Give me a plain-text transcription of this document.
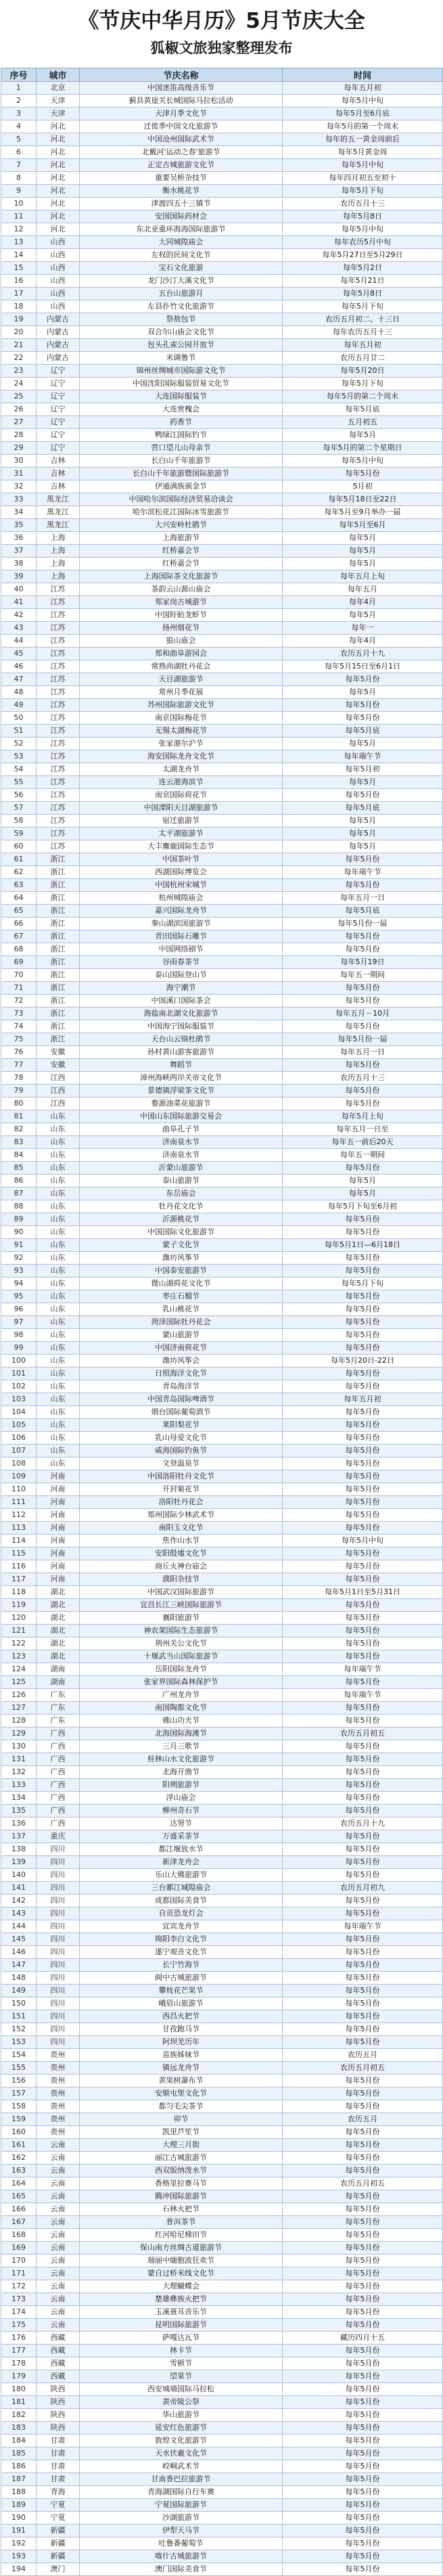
《节庆中华月历》5月节庆大全
狐椒文旅独家整理发布
序号	城市	节庆名称	时间
1	北京	中国迷笛高级音乐节	每年五月初
2	天津	蓟县黄崖关长城国际马拉松活动	每年5月中旬
3	天津	天津月季文化节	每年5月至6月底
4	河北	迁徙季中国文化旅游节	每年5月的第一个周末
5	河北	中国沧州国际武术节	每年的五一黄金周前后
6	河北	北戴河'运动之春'旅游节	每年5月黄金周
7	河北	正定古城旅游文化节	每年5月中旬
8	河北	重要吴桥杂技节	每年四月初五至初十
9	河北	衡水桃花节	每年5月下旬
10	河北	津渡四五十三镇节	农历五月十三
11	河北	安国国际药材会	每年5月8日
12	河北	东北亚重环海海国际旅游节	每年5月中旬
13	山西	大同城隍庙会	每年农历5月中旬
14	山西	左权的民间文化节	每年5月27日至5月29日
15	山西	宝石文化旅游	每年5月2日
16	山西	龙门沙汀大溪文化节	每年5月21日
17	山西	五台山旅游月	每年5月8日
18	山西	左县扑竹文化旅游节	每年5月下旬
19	内蒙古	祭敖包节	农历五月初二、十三日
20	内蒙古	双合尔山庙会文化节	每年农历五月十三
21	内蒙古	包头孔雀公园开放节	每年五月初
22	内蒙古	米调鲁节	农历五月廿二
23	辽宁	锦州丝绸城市国际游文化节	每年5月20日
24	辽宁	中国沈阳国际服装贸易文化节	每年5月下旬
25	辽宁	大连国际服装节	每年5月的第二个周末
26	辽宁	大连赏槐会	每年5月底
27	辽宁	药香节	五月初五
28	辽宁	鸭绿江国际钓节	每年5月
29	辽宁	营口望儿山母亲节	每年5月的第二个星期日
30	吉林	长白山千年旅游节	每年5月中旬
31	吉林	长白山千年旅游暨国际旅游节	每年5月份
32	吉林	伊通满族颁金节	5月初
33	黑龙江	中国哈尔滨国际经济贸易洽谈会	每年5月18日至22日
34	黑龙江	哈尔滨松花江国际冰雪旅游节	每年5月至9月举办一届
35	黑龙江	大兴安岭杜鹃节	每年5月至6月
36	上海	上海旅游节	每年5月
37	上海	红桥嘉会节	每年5月
38	上海	红桥嘉会节	每年5月
39	上海	上海国际茶文化旅游节	每年五月上旬
40	江苏	茶韵云山源山庙会	每年五月
41	江苏	郑家岗古城游节	每年4月
42	江苏	中国盱眙龙虾节	每年5月
43	江苏	扬州烟花节	每年一
44	江苏	狼山庙会	每年4月
45	江苏	郑和曲阜游园会	农历五月十九
46	江苏	常熟尚湖牡丹花会	每年5月15日至6月1日
47	江苏	天目湖旅游节	每年5月份
48	江苏	常州月季花展	每年5月
49	江苏	苏州国际旅游文化节	每年5月份
50	江苏	南京国际梅花节	每年5月份
51	江苏	无锡太湖梅花节	每年5月底
52	江苏	张家港尔沪节	每年5月
53	江苏	海安国际龙舟文化节	每年端午节
54	江苏	太湖龙舟节	每年5月初
55	江苏	连云港海滨节	每年5月
56	江苏	南京国际荷花节	每年5月份
57	江苏	中国溧阳天目湖旅游节	每年5月底
58	江苏	宿迁旅游节	每年5月
59	江苏	太平湖旅游节	每年5月
60	江苏	大丰麋鹿国际生态节	每年5月
61	浙江	中国茶叶节	每年5月份
62	浙江	西湖国际博览会	每年端午节
63	浙江	中国杭州宋城节	每年5月份
64	浙江	杭州城隍庙会	每年五月一日
65	浙江	嘉兴国际龙舟节	每年5月底
66	浙江	秦山湖滨国旅游节	每年5月份一届
67	浙江	青田国际石雕节	每年5月份
68	浙江	中国网络剧节	每年5月份
69	浙江	谷雨春茶节	每年5月19日
70	浙江	泰山国际登山节	每年五一期间
71	浙江	海宁潮节	每年5月份
72	浙江	中国溪口国际茶会	每年5月份
73	浙江	海盐南北湖文化旅游节	每年五月－10月
74	浙江	中国海宁国际服装节	每年5月份
75	浙江	天台山云锦杜鹃节	每年5月份一届
76	安徽	孙村黄山游客旅游节	每年五月一日
77	安徽	舞蹈节	每年5月份
78	江西	漳州海峡两岸关帝文化节	农历五月十三
79	江西	景德镇浮梁茶文化节	每年5月份
80	江西	婺源油菜花旅游节	每年5月份
81	山东	中国山东国际旅游交易会	每年5月上旬
82	山东	曲阜孔子节	每年五月一日至
83	山东	济南泉水节	每年五一前后20天
84	山东	济南泉水节	每年五一期间
85	山东	沂蒙山旅游节	每年5月份
86	山东	泰山旅游节	每年5月
87	山东	东岳庙会	每年5月
88	山东	牡丹花文化节	每年5月下旬至6月初
89	山东	沂源桃花节	每年5月份
90	山东	中国国际文化旅游节	每年5月份
91	山东	蒙子文化节	每年5月1日—6月18日
92	山东	潍坊风筝节	每年5月份
93	山东	中国泰安旅游节	每年5月份
94	山东	微山湖荷花文化节	每年5月下旬
95	山东	枣庄石榴节	每年5月份
96	山东	乳山桃花节	每年5月份
97	山东	菏泽国际牡丹花会	每年5月份
98	山东	蒙山旅游节	每年5月份
99	山东	中国济南荷花节	每年5月份
100	山东	潍坊风筝会	每年5月20日-22日
101	山东	日照海洋文化节	每年5月份
102	山东	青岛海洋节	每年5月份
103	山东	中国青岛国际啤酒节	每年五月初
104	山东	烟台国际葡萄酒节	每年5月份
105	山东	莱阳梨花节	每年5月份
106	山东	乳山母爱文化节	每年5月份
107	山东	威海国际钓鱼节	每年5月份
108	山东	文登温泉节	每年5月份
109	河南	中国洛阳牡丹文化节	每年5月份
110	河南	开封菊花节	每年5月份
111	河南	洛阳牡丹花会	每年5月份
112	河南	郑州国际少林武术节	每年5月份
113	河南	南阳玉文化节	每年5月份
114	河南	焦作山水节	每年5月中旬
115	河南	安阳殷墟文化节	每年5月份
116	河南	商丘火神台庙会	每年5月份
117	河南	濮阳杂技节	每年5月份
118	湖北	中国武汉国际旅游节	每年5月1日至5月31日
119	湖北	宜昌长江三峡国际旅游节	每年5月份
120	湖北	襄阳旅游节	每年5月份
121	湖北	神农架国际生态旅游节	每年5月份
122	湖北	荆州关公文化节	每年5月份
123	湖北	十堰武当山国际旅游节	每年5月份
124	湖南	岳阳国际龙舟节	每年端午节
125	湖南	张家界国际森林保护节	每年5月份
126	广东	广州龙舟节	每年端午节
127	广东	南国陶都文化节	每年5月份
128	广东	佛山功夫节	每年5月份
129	广西	北海国际海滩节	农历五月初五
130	广西	三月三歌节	每年5月份
131	广西	桂林山水文化旅游节	每年5月份
132	广西	北海开渔节	每年5月份
133	广西	阳朔旅游节	每年5月份
134	广西	浮山庙会	每年5月份
135	广西	柳州奇石节	每年5月份
136	广西	达努节	农历五月十九
137	重庆	万盛采茶节	每年5月份
138	四川	都江堰放水节	每年5月份
139	四川	新津龙舟会	每年5月份
140	四川	乐山大佛旅游节	每年5月份
141	四川	三台郪江城隍庙会	农历五月初九
142	四川	成都国际美食节	每年5月份
143	四川	自贡恐龙灯会	每年5月份
144	四川	宜宾龙舟节	每年端午节
145	四川	绵阳李白文化节	每年5月份
146	四川	遂宁观音文化节	每年5月份
147	四川	长宁竹海节	每年5月份
148	四川	阆中古城旅游节	每年5月份
149	四川	攀枝花芒果节	每年5月份
150	四川	峨眉山旅游节	每年5月份
151	四川	西昌火把节	每年5月份
152	四川	甘孜跑马节	每年5月份
153	四川	阿坝羌历年	每年5月份
154	贵州	苗族姊妹节	农历五月
155	贵州	镇远龙舟节	农历五月初五
156	贵州	黄果树瀑布节	每年5月份
157	贵州	安顺屯堡文化节	每年5月份
158	贵州	都匀毛尖茶节	每年5月份
159	贵州	卯节	农历五月
160	贵州	凯里芦笙节	每年5月份
161	云南	大理三月街	每年5月份
162	云南	丽江古城旅游节	每年5月份
163	云南	西双版纳泼水节	每年5月份
164	云南	香格里拉赛马节	农历五月初五
165	云南	腾冲国际旅游节	每年5月份
166	云南	石林火把节	每年5月份
167	云南	普洱茶节	每年5月份
168	云南	红河哈尼梯田节	每年5月份
169	云南	保山南方丝绸古道旅游节	每年5月份
170	云南	瑞丽中缅胞波狂欢节	每年5月份
171	云南	蒙自过桥米线文化节	每年5月份
172	云南	大理蝴蝶会	每年5月份
173	云南	楚雄彝族火把节	每年5月份
174	云南	玉溪聂耳音乐节	每年5月份
175	云南	昆明国际旅游节	每年5月份
176	西藏	萨嘎达瓦节	藏历四月十五
177	西藏	林卡节	每年5月份
178	西藏	雪顿节	每年5月份
179	西藏	望果节	每年5月份
180	陕西	西安城墙国际马拉松	每年5月份
181	陕西	黄帝陵公祭	每年5月份
182	陕西	华山旅游节	每年5月份
183	陕西	延安红色旅游节	每年5月份
184	甘肃	敦煌文化旅游节	每年5月份
185	甘肃	天水伏羲文化节	每年5月份
186	甘肃	崆峒武术节	每年5月份
187	甘肃	甘南香巴拉旅游节	每年5月份
188	青海	青海湖国际自行车赛	每年5月份
189	宁夏	宁夏国际旅游节	每年5月份
190	宁夏	沙湖旅游节	每年5月份
191	新疆	伊犁天马节	每年5月份
192	新疆	吐鲁番葡萄节	每年5月份
193	新疆	喀什古城旅游节	每年5月份
194	澳门	澳门国际美食节	每年5月份
